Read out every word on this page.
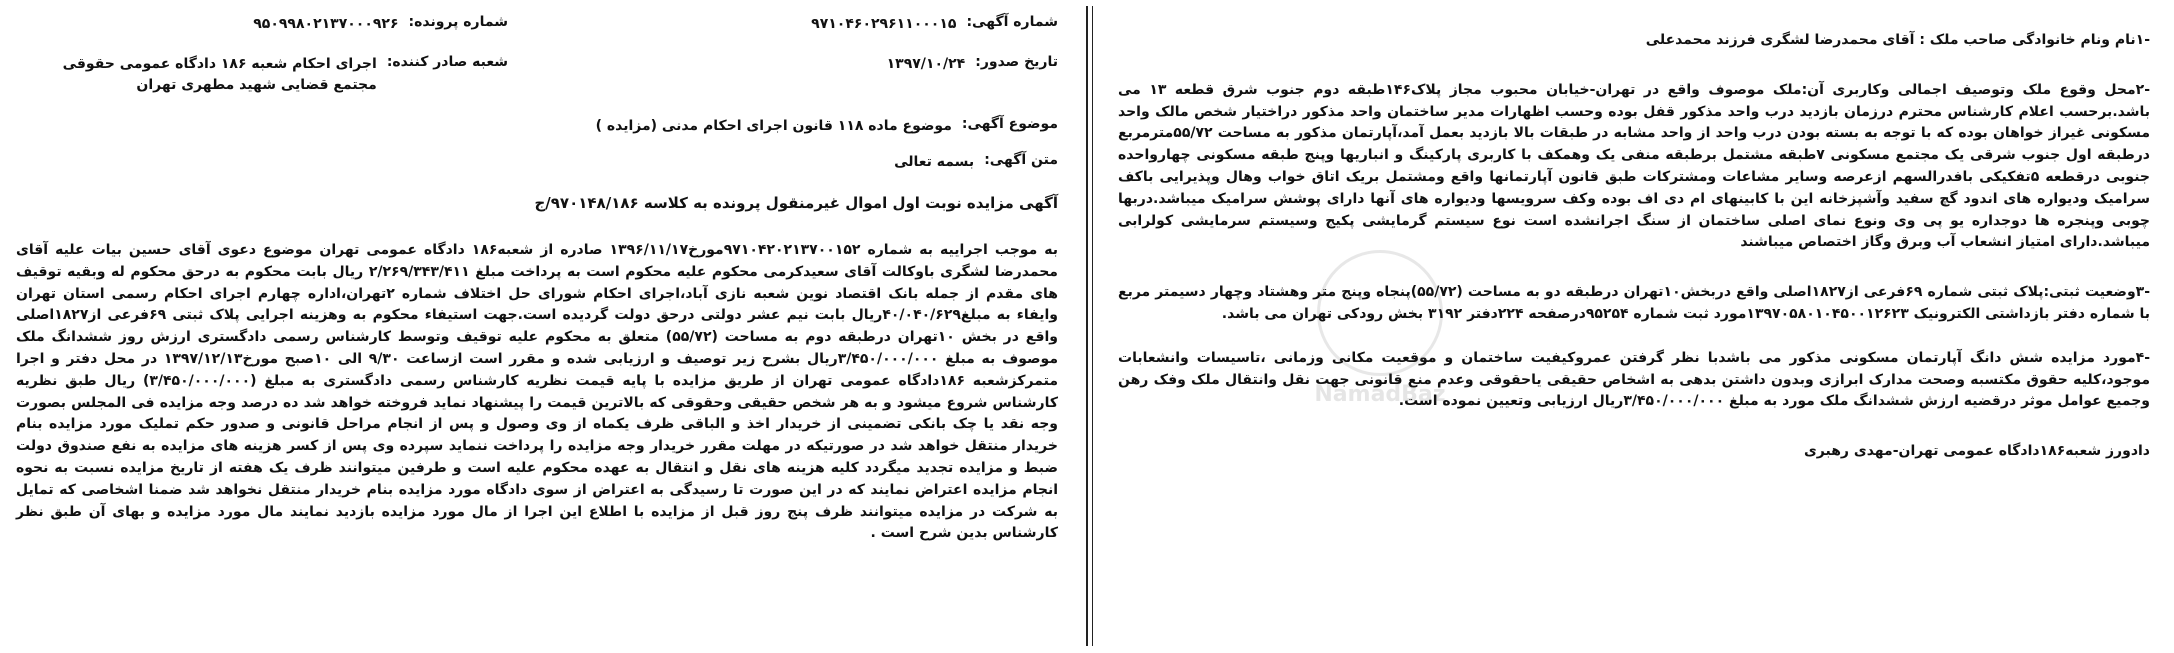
-۱نام ونام خانوادگی صاحب ملک : آقای محمدرضا لشگری فرزند محمدعلی

-۲محل وقوع ملک وتوصیف اجمالی وکاربری آن:ملک موصوف واقع در تهران-خیابان محبوب مجاز پلاک۱۴۶طبقه دوم جنوب شرق قطعه ۱۳ می باشد.برحسب اعلام کارشناس محترم درزمان بازدید درب واحد مذکور قفل بوده وحسب اظهارات مدیر ساختمان واحد مذکور دراختیار شخص مالک واحد مسکونی غیراز خواهان بوده که با توجه به بسته بودن درب واحد از واحد مشابه در طبقات بالا بازدید بعمل آمد،آپارتمان مذکور به مساحت ۵۵/۷۲مترمربع درطبقه اول جنوب شرقی یک مجتمع مسکونی ۷طبقه مشتمل برطبقه منفی یک وهمکف با کاربری پارکینگ و انباریها وپنج طبقه مسکونی چهارواحده جنوبی درقطعه ۵تفکیکی بافدرالسهم ازعرصه وسایر مشاعات ومشترکات طبق قانون آپارتمانها واقع ومشتمل بریک اتاق خواب وهال وپذیرایی باکف سرامیک ودیواره های اندود گچ سفید وآشپزخانه این با کابینهای ام دی اف بوده وکف سرویسها ودیواره های آنها دارای پوشش سرامیک میباشد.دربها چوبی وپنجره ها دوجداره یو پی وی ونوع نمای اصلی ساختمان از سنگ اجرانشده است نوع سیستم گرمایشی پکیج وسیستم سرمایشی کولرابی میباشد.دارای امتیاز انشعاب آب وبرق وگاز اختصاص میباشند

-۳وضعیت ثبتی:پلاک ثبتی شماره ۶۹فرعی از۱۸۲۷اصلی واقع دربخش۱۰تهران درطبقه دو به مساحت (۵۵/۷۲)پنجاه وپنج متر وهشتاد وچهار دسیمتر مربع با شماره دفتر بازداشتی الکترونیک ۱۳۹۷۰۵۸۰۱۰۴۵۰۰۱۲۶۲۳مورد ثبت شماره ۹۵۲۵۴درصفحه ۲۲۴دفتر ۳۱۹۲ بخش رودکی تهران می باشد.

-۴مورد مزایده شش دانگ آپارتمان مسکونی مذکور می باشدبا نظر گرفتن عمروکیفیت ساختمان و موقعیت مکانی وزمانی ،تاسیسات وانشعابات موجود،کلیه حقوق مکتسبه وصحت مدارک ابرازی وبدون داشتن بدهی به اشخاص حقیقی یاحقوقی وعدم منع قانونی جهت نقل وانتقال ملک وفک رهن وجمیع عوامل موثر درقضیه ارزش ششدانگ ملک مورد به مبلغ ۳/۴۵۰/۰۰۰/۰۰۰ریال ارزیابی وتعیین نموده است.

دادورز شعبه۱۸۶دادگاه عمومی تهران-مهدی رهبری

NamadBaz
شماره آگهی:
۹۷۱۰۴۶۰۲۹۶۱۱۰۰۰۱۵
شماره پرونده:
۹۵۰۹۹۸۰۲۱۳۷۰۰۰۹۲۶
تاریخ صدور:
۱۳۹۷/۱۰/۲۴
شعبه صادر کننده:
اجرای احکام شعبه ۱۸۶ دادگاه عمومی حقوقی مجتمع قضایی شهید مطهری تهران
موضوع آگهی:
موضوع ماده ۱۱۸ قانون اجرای احکام مدنی (مزایده )
متن آگهی:
بسمه تعالی

آگهی مزایده نوبت اول اموال غیرمنقول پرونده به کلاسه ۹۷۰۱۴۸/۱۸۶/ج

به موجب اجراییه به شماره ۹۷۱۰۴۲۰۲۱۳۷۰۰۱۵۲مورخ۱۳۹۶/۱۱/۱۷ صادره از شعبه۱۸۶ دادگاه عمومی تهران موضوع دعوی آقای حسین بیات علیه آقای محمدرضا لشگری باوکالت آقای سعیدکرمی محکوم علیه محکوم است به پرداخت مبلغ ۲/۲۶۹/۳۴۳/۴۱۱ ریال بابت محکوم به درحق محکوم له وبقیه توقیف های مقدم از جمله بانک اقتصاد نوین شعبه نازی آباد،اجرای احکام شورای حل اختلاف شماره ۲تهران،اداره چهارم اجرای احکام رسمی استان تهران وایفاء به مبلغ۴۰/۰۴۰/۶۲۹ریال بابت نیم عشر دولتی درحق دولت گردیده است.جهت استیفاء محکوم به وهزینه اجرایی پلاک ثبتی ۶۹فرعی از۱۸۲۷اصلی واقع در بخش ۱۰تهران درطبقه دوم به مساحت (۵۵/۷۲) متعلق به محکوم علیه توقیف وتوسط کارشناس رسمی دادگستری ارزش روز ششدانگ ملک موصوف به مبلغ ۳/۴۵۰/۰۰۰/۰۰۰ریال بشرح زیر توصیف و ارزیابی شده و مقرر است ازساعت ۹/۳۰ الی ۱۰صبح مورخ۱۳۹۷/۱۲/۱۳ در محل دفتر و اجرا متمرکزشعبه ۱۸۶دادگاه عمومی تهران از طریق مزایده با پایه قیمت نظریه کارشناس رسمی دادگستری به مبلغ (۳/۴۵۰/۰۰۰/۰۰۰) ریال طبق نظریه کارشناس شروع میشود و به هر شخص حقیقی وحقوقی که بالاترین قیمت را پیشنهاد نماید فروخته خواهد شد ده درصد وجه مزایده فی المجلس بصورت وجه نقد یا چک بانکی تضمینی از خریدار اخذ و الباقی ظرف یکماه از وی وصول و پس از انجام مراحل قانونی و صدور حکم تملیک مورد مزایده بنام خریدار منتقل خواهد شد در صورتیکه در مهلت مقرر خریدار وجه مزایده را پرداخت ننماید سپرده وی پس از کسر هزینه های مزایده به نفع صندوق دولت ضبط و مزایده تجدید میگردد کلیه هزینه های نقل و انتقال به عهده محکوم علیه است و طرفین میتوانند ظرف یک هفته از تاریخ مزایده نسبت به نحوه انجام مزایده اعتراض نمایند که در این صورت تا رسیدگی به اعتراض از سوی دادگاه مورد مزایده بنام خریدار منتقل نخواهد شد ضمنا اشخاصی که تمایل به شرکت در مزایده میتوانند ظرف پنج روز قبل از مزایده با اطلاع این اجرا از مال مورد مزایده بازدید نمایند مال مورد مزایده و بهای آن طبق نظر کارشناس بدین شرح است .
